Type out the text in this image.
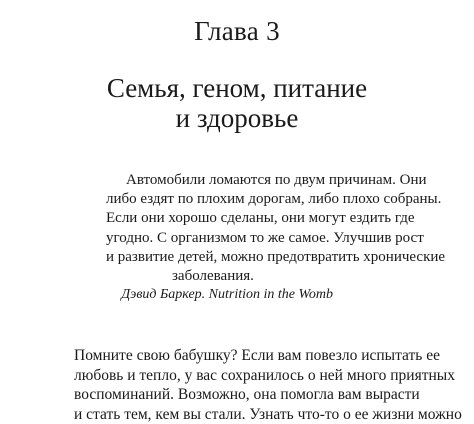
Глава 3
Семья, геном, питание
и здоровье
Автомобили ломаются по двум причинам. Они
либо ездят по плохим дорогам, либо плохо собраны.
Если они хорошо сделаны, они могут ездить где
угодно. С организмом то же самое. Улучшив рост
и развитие детей, можно предотвратить хронические
заболевания.
Дэвид Баркер. Nutrition in the Womb
Помните свою бабушку? Если вам повезло испытать ее
любовь и тепло, у вас сохранилось о ней много приятных
воспоминаний. Возможно, она помогла вам вырасти
и стать тем, кем вы стали. Узнать что-то о ее жизни можно
